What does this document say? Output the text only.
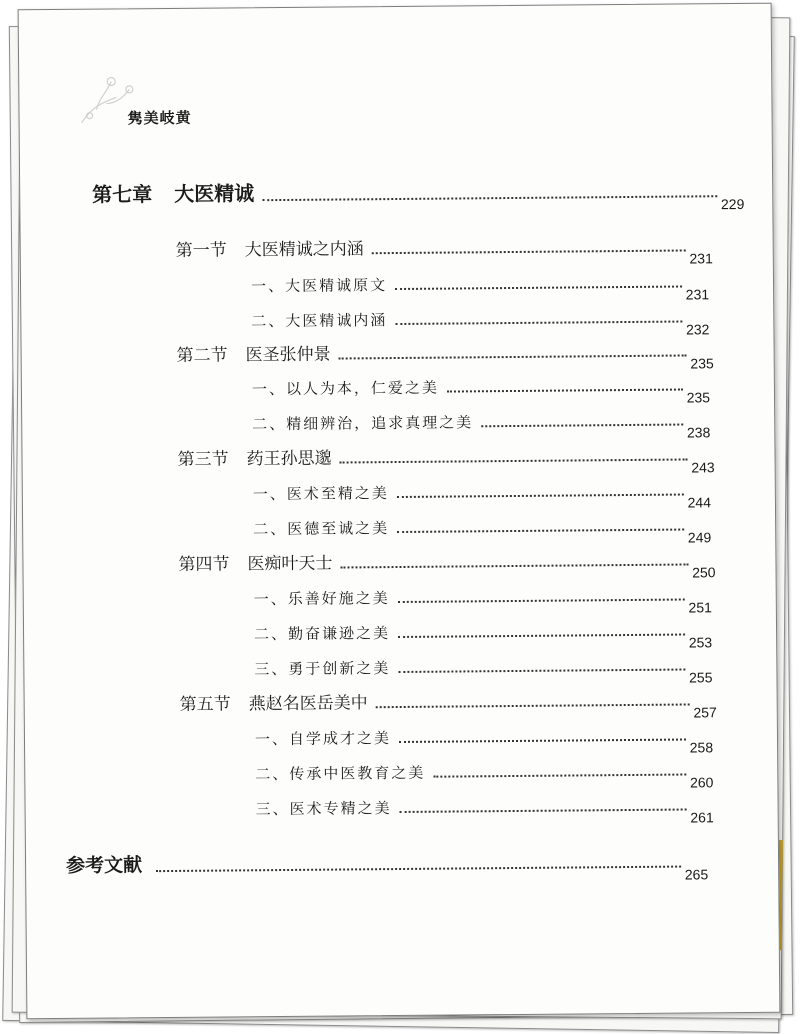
隽美岐黄
第七章 大医精诚	229
第一节 大医精诚之内涵	231
一、大医精诚原文	231
二、大医精诚内涵	232
第二节 医圣张仲景	235
一、以人为本，仁爱之美	235
二、精细辨治，追求真理之美	238
第三节 药王孙思邈	243
一、医术至精之美	244
二、医德至诚之美	249
第四节 医痴叶天士	250
一、乐善好施之美	251
二、勤奋谦逊之美	253
三、勇于创新之美	255
第五节 燕赵名医岳美中	257
一、自学成才之美	258
二、传承中医教育之美	260
三、医术专精之美	261
参考文献	265
